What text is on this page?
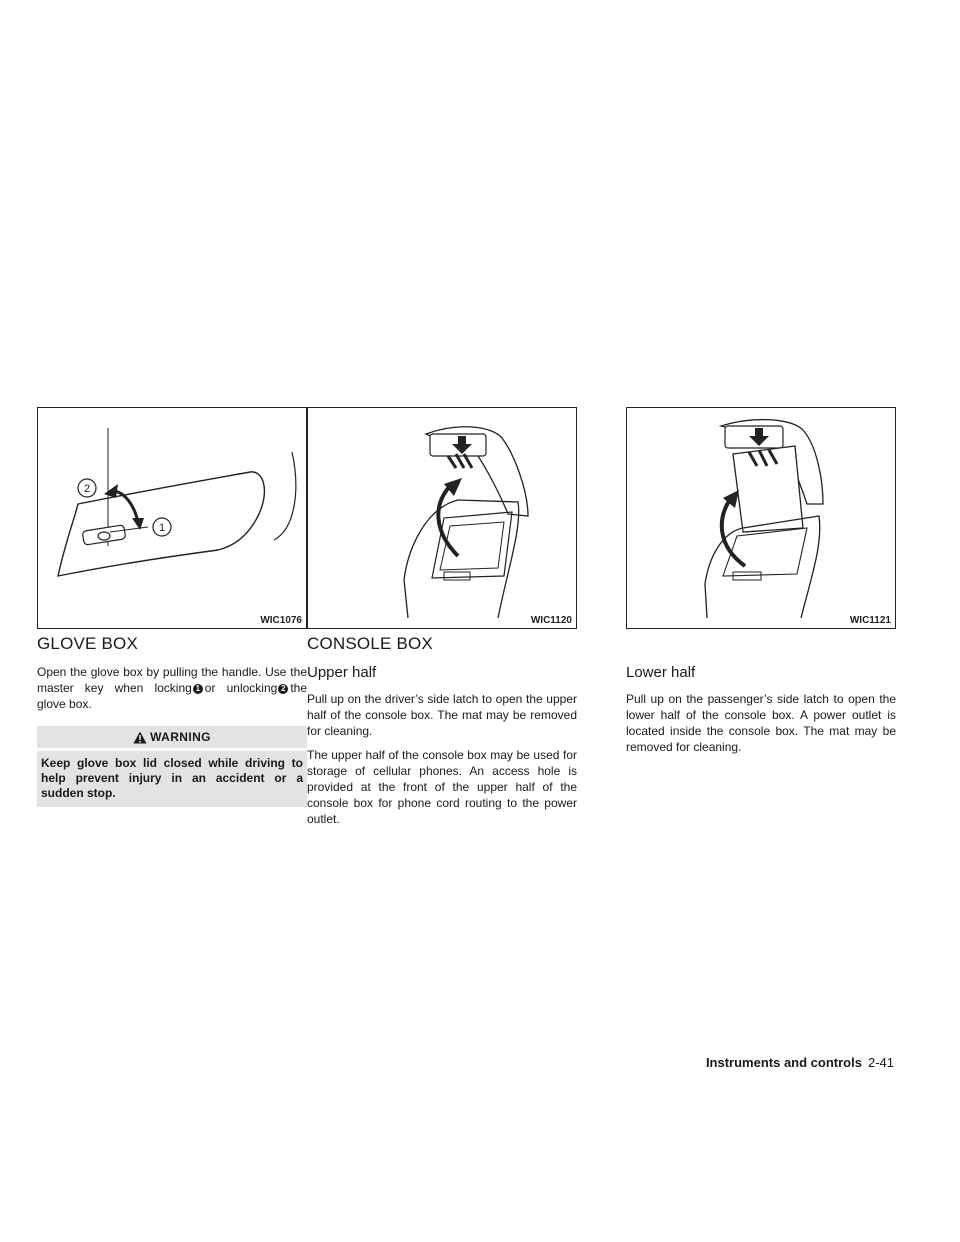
2
1
WIC1076	WIC1120	WIC1121
GLOVE BOX
Open the glove box by pulling the handle. Use the master key when locking 1 or unlocking 2 the glove box.
WARNING
Keep glove box lid closed while driving to help prevent injury in an accident or a sudden stop.
CONSOLE BOX
Upper half
Pull up on the driver’s side latch to open the upper half of the console box. The mat may be removed for cleaning.
The upper half of the console box may be used for storage of cellular phones. An access hole is provided at the front of the upper half of the console box for phone cord routing to the power outlet.
Lower half
Pull up on the passenger’s side latch to open the lower half of the console box. A power outlet is located inside the console box. The mat may be removed for cleaning.
Instruments and controls 2-41
